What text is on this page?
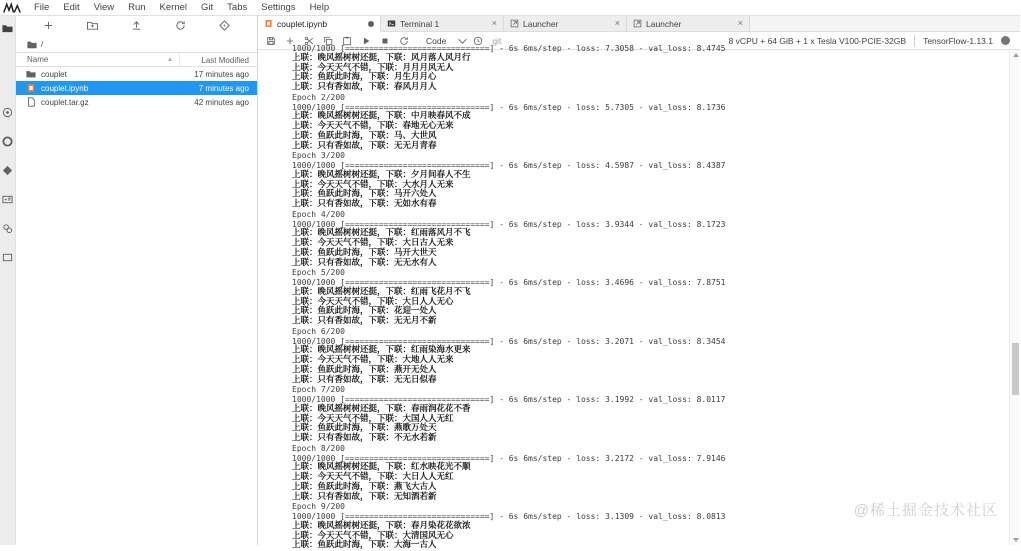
File	Edit	View	Run	Kernel	Git	Tabs	Settings	Help
/
Name	▲	Last Modified
couplet	17 minutes ago
couplet.ipynb	7 minutes ago
couplet.tar.gz	42 minutes ago
couplet.ipynb	Terminal 1	×	Launcher	×	Launcher	×
Code	git	8 vCPU + 64 GiB + 1 x Tesla V100-PCIE-32GB TensorFlow-1.13.1
1000/1000 [==============================] - 6s 6ms/step - loss: 7.3058 - val_loss: 8.4745
上联：晚风摇树树还挺，下联：风月落人风月行
上联：今天天气不错，下联：月月月风无人
上联：鱼跃此时海，下联：月生月月心
上联：只有香如故，下联：春风月月人
Epoch 2/200
1000/1000 [==============================] - 6s 6ms/step - loss: 5.7305 - val_loss: 8.1736
上联：晚风摇树树还挺，下联：中月映春风不成
上联：今天天气不错，下联：春地无心无来
上联：鱼跃此时海，下联：马、大世风
上联：只有香如故，下联：无无月青春
Epoch 3/200
1000/1000 [==============================] - 6s 6ms/step - loss: 4.5987 - val_loss: 8.4387
上联：晚风摇树树还挺，下联：夕月间春人不生
上联：今天天气不错，下联：大水月人无来
上联：鱼跃此时海，下联：马开六处人
上联：只有香如故，下联：无如水有春
Epoch 4/200
1000/1000 [==============================] - 6s 6ms/step - loss: 3.9344 - val_loss: 8.1723
上联：晚风摇树树还挺，下联：红雨落风月不飞
上联：今天天气不错，下联：大日古人无来
上联：鱼跃此时海，下联：马开大世天
上联：只有香如故，下联：无无水有人
Epoch 5/200
1000/1000 [==============================] - 6s 6ms/step - loss: 3.4696 - val_loss: 7.8751
上联：晚风摇树树还挺，下联：红雨飞花月不飞
上联：今天天气不错，下联：大日人人无心
上联：鱼跃此时海，下联：花迎一处人
上联：只有香如故，下联：无无月不新
Epoch 6/200
1000/1000 [==============================] - 6s 6ms/step - loss: 3.2071 - val_loss: 8.3454
上联：晚风摇树树还挺，下联：红雨染海水更来
上联：今天天气不错，下联：大地人人无来
上联：鱼跃此时海，下联：燕开无处人
上联：只有香如故，下联：无无日似春
Epoch 7/200
1000/1000 [==============================] - 6s 6ms/step - loss: 3.1992 - val_loss: 8.0117
上联：晚风摇树树还挺，下联：春雨润花花不香
上联：今天天气不错，下联：大国人人无红
上联：鱼跃此时海，下联：燕歌万处天
上联：只有香如故，下联：不无水若新
Epoch 8/200
1000/1000 [==============================] - 6s 6ms/step - loss: 3.2172 - val_loss: 7.9146
上联：晚风摇树树还挺，下联：红水映花光不顺
上联：今天天气不错，下联：大日人人无红
上联：鱼跃此时海，下联：燕飞大古人
上联：只有香如故，下联：无知酒若新
Epoch 9/200
1000/1000 [==============================] - 6s 6ms/step - loss: 3.1309 - val_loss: 8.0813
上联：晚风摇树树还挺，下联：春月染花花欲浓
上联：今天天气不错，下联：大清国风无心
上联：鱼跃此时海，下联：大海一古人
@稀土掘金技术社区
